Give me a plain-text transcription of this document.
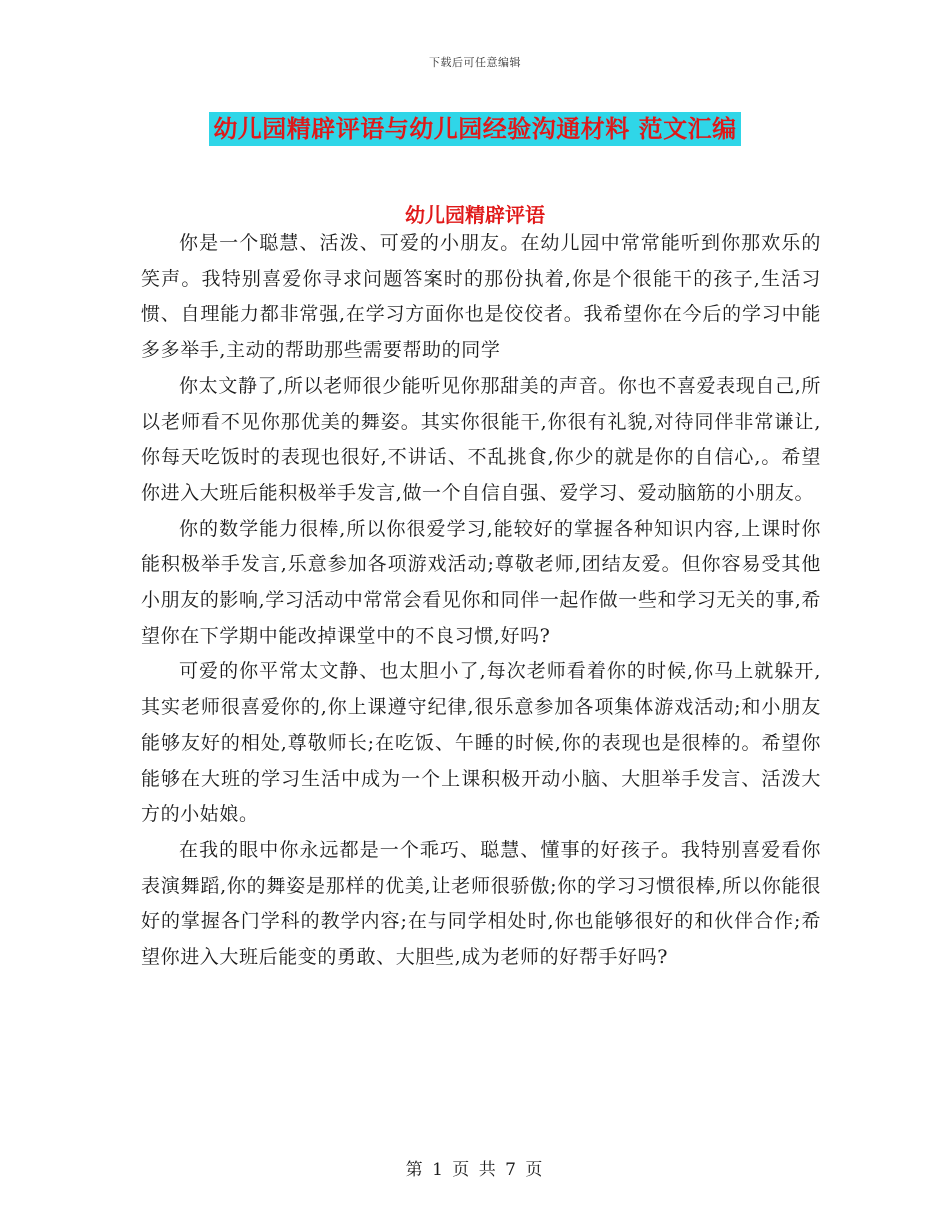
下载后可任意编辑
幼儿园精辟评语与幼儿园经验沟通材料 范文汇编
幼儿园精辟评语

你是一个聪慧、活泼、可爱的小朋友。在幼儿园中常常能听到你那欢乐的笑声。我特别喜爱你寻求问题答案时的那份执着,你是个很能干的孩子,生活习惯、自理能力都非常强,在学习方面你也是佼佼者。我希望你在今后的学习中能多多举手,主动的帮助那些需要帮助的同学

你太文静了,所以老师很少能听见你那甜美的声音。你也不喜爱表现自己,所以老师看不见你那优美的舞姿。其实你很能干,你很有礼貌,对待同伴非常谦让,你每天吃饭时的表现也很好,不讲话、不乱挑食,你少的就是你的自信心,。希望你进入大班后能积极举手发言,做一个自信自强、爱学习、爱动脑筋的小朋友。

你的数学能力很棒,所以你很爱学习,能较好的掌握各种知识内容,上课时你能积极举手发言,乐意参加各项游戏活动;尊敬老师,团结友爱。但你容易受其他小朋友的影响,学习活动中常常会看见你和同伴一起作做一些和学习无关的事,希望你在下学期中能改掉课堂中的不良习惯,好吗?

可爱的你平常太文静、也太胆小了,每次老师看着你的时候,你马上就躲开,其实老师很喜爱你的,你上课遵守纪律,很乐意参加各项集体游戏活动;和小朋友能够友好的相处,尊敬师长;在吃饭、午睡的时候,你的表现也是很棒的。希望你能够在大班的学习生活中成为一个上课积极开动小脑、大胆举手发言、活泼大方的小姑娘。

在我的眼中你永远都是一个乖巧、聪慧、懂事的好孩子。我特别喜爱看你表演舞蹈,你的舞姿是那样的优美,让老师很骄傲;你的学习习惯很棒,所以你能很好的掌握各门学科的教学内容;在与同学相处时,你也能够很好的和伙伴合作;希望你进入大班后能变的勇敢、大胆些,成为老师的好帮手好吗?

第 1 页 共 7 页
